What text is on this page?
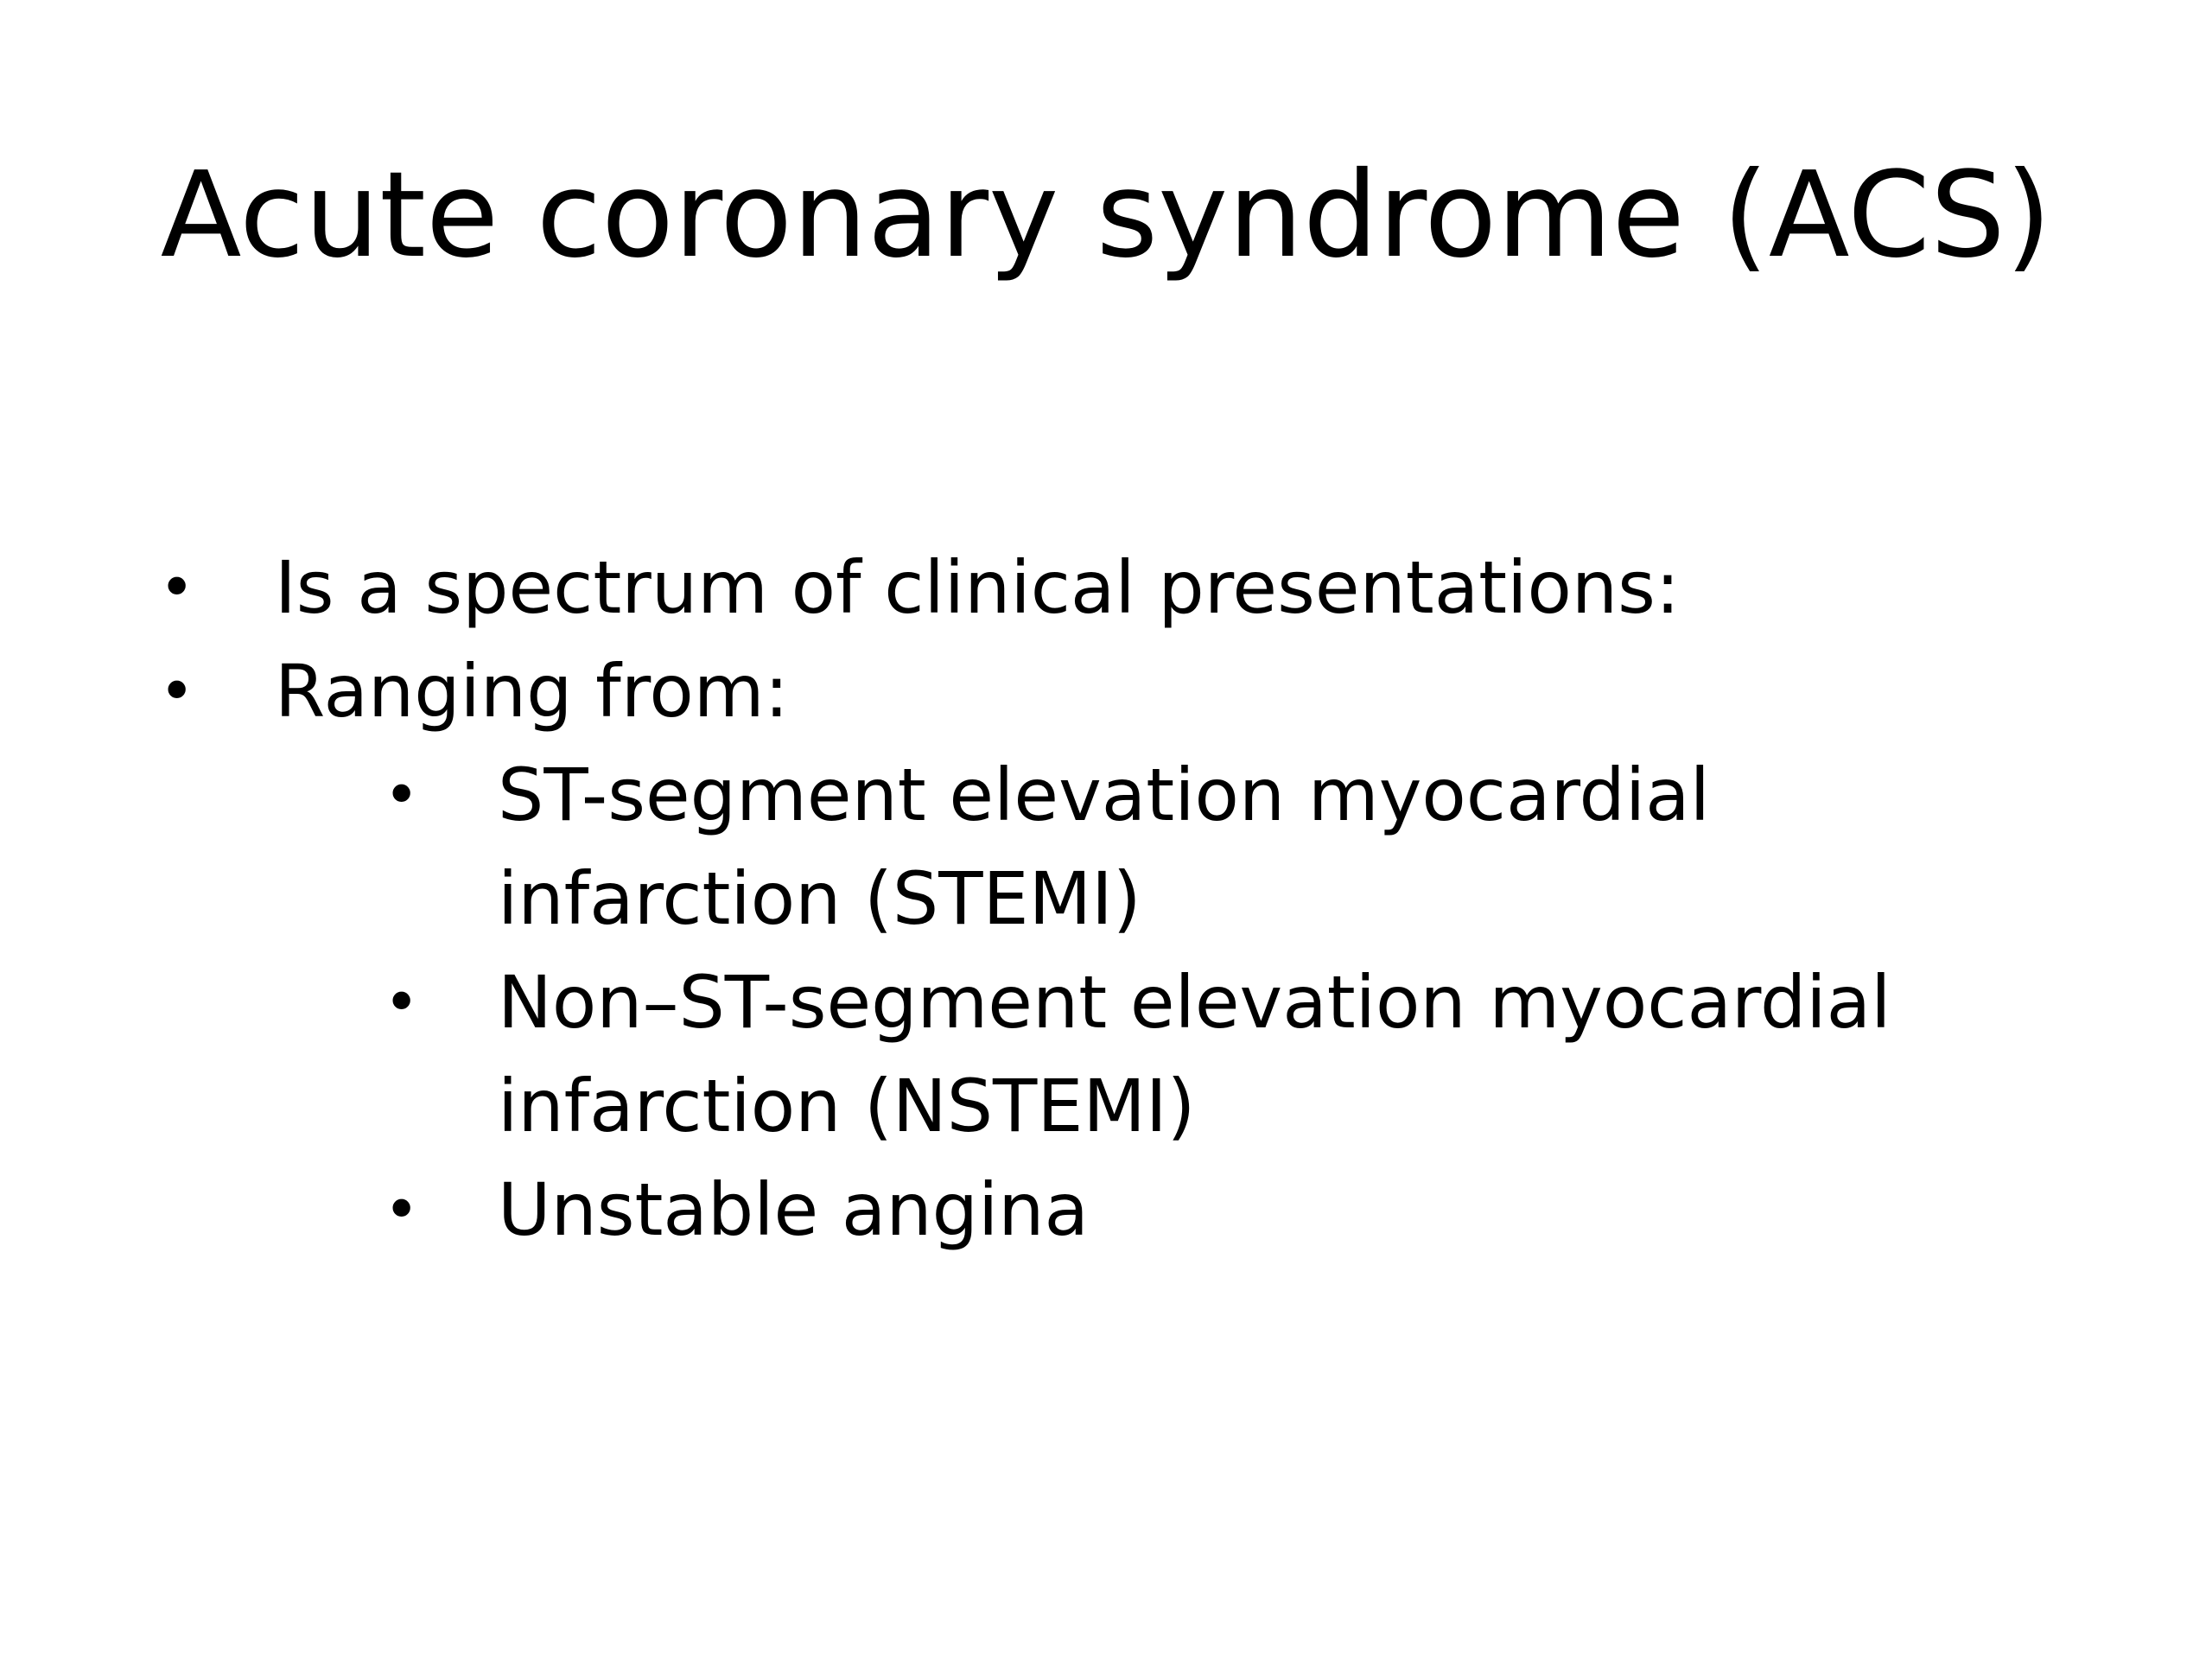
Acute coronary syndrome (ACS)
• Is a spectrum of clinical presentations:
• Ranging from:
• ST-segment elevation myocardial
infarction (STEMI)
• Non–ST-segment elevation myocardial
infarction (NSTEMI)
• Unstable angina
